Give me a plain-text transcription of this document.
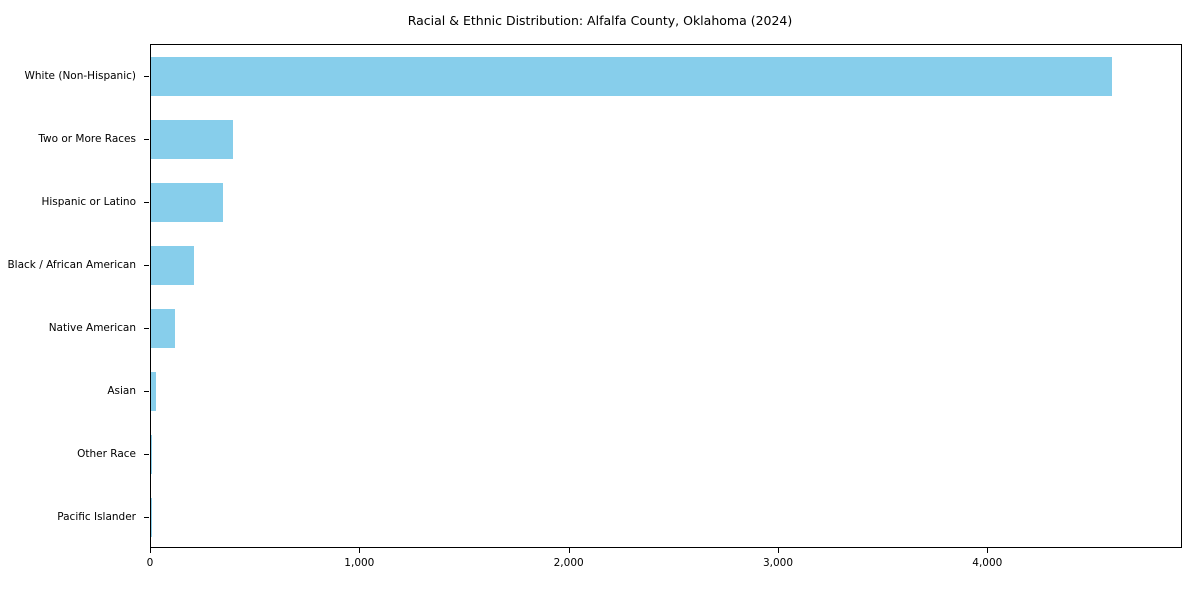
Racial & Ethnic Distribution: Alfalfa County, Oklahoma (2024)
White (Non-Hispanic)
Two or More Races
Hispanic or Latino
Black / African American
Native American
Asian
Other Race
Pacific Islander
0	1,000	2,000	3,000	4,000
